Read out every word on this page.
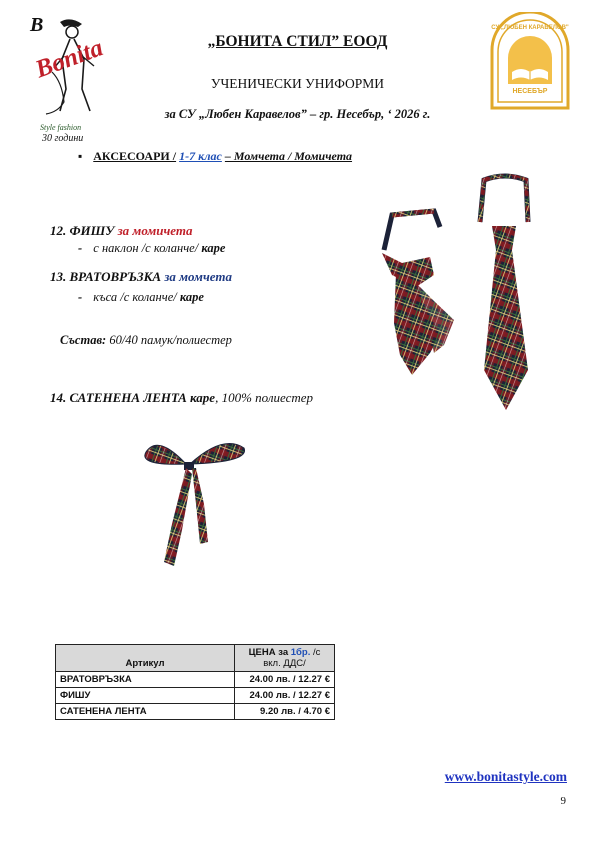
B
Bonita
Style fashion
30 години
„БОНИТА СТИЛ” ЕООД
УЧЕНИЧЕСКИ УНИФОРМИ
за СУ „Любен Каравелов” – гр. Несебър, ‘ 2026 г.
СУ „ЛЮБЕН КАРАВЕЛОВ"
НЕСЕБЪР
▪ АКСЕСОАРИ / 1-7 клас – Момчета / Момичета
12. ФИШУ за момичета
- с наклон /с коланче/ каре
13. ВРАТОВРЪЗКА за момчета
- къса /с коланче/ каре
Състав: 60/40 памук/полиестер
14. САТЕНЕНА ЛЕНТА каре, 100% полиестер
Артикул	ЦЕНА за 1бр. /с вкл. ДДС/
ВРАТОВРЪЗКА	24.00 лв. / 12.27 €
ФИШУ	24.00 лв. / 12.27 €
САТЕНЕНА ЛЕНТА	9.20 лв. / 4.70 €
www.bonitastyle.com
9
